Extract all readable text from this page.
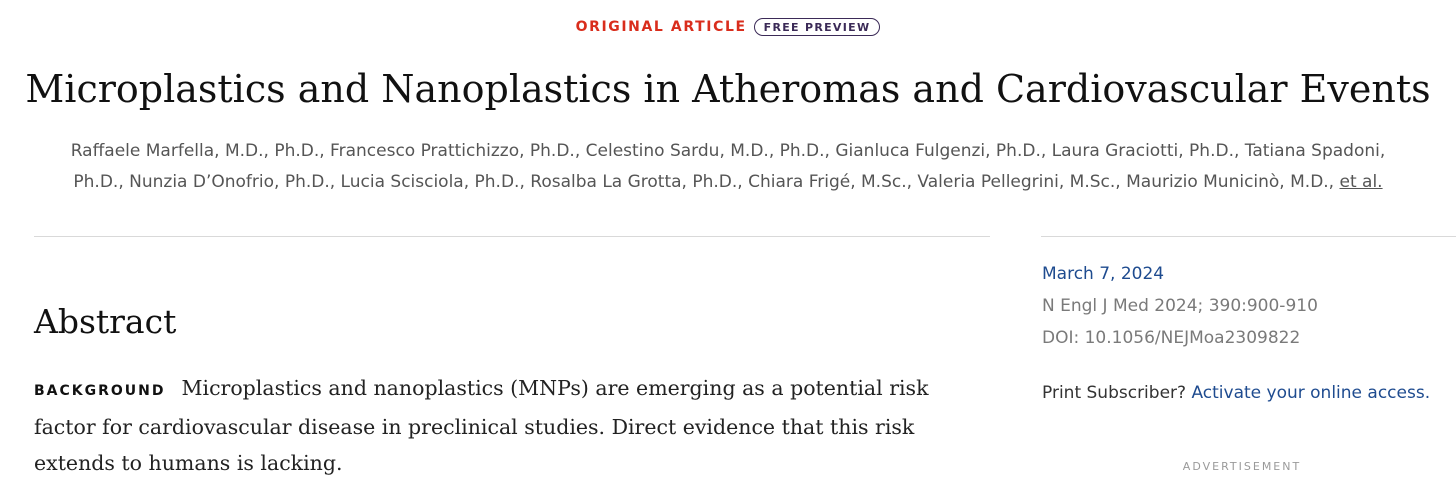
ORIGINAL ARTICLE	FREE PREVIEW
Microplastics and Nanoplastics in Atheromas and Cardiovascular Events

Raffaele Marfella, M.D., Ph.D., Francesco Prattichizzo, Ph.D., Celestino Sardu, M.D., Ph.D., Gianluca Fulgenzi, Ph.D., Laura Graciotti, Ph.D., Tatiana Spadoni,
Ph.D., Nunzia D’Onofrio, Ph.D., Lucia Scisciola, Ph.D., Rosalba La Grotta, Ph.D., Chiara Frigé, M.Sc., Valeria Pellegrini, M.Sc., Maurizio Municinò, M.D., et al.

Abstract

BACKGROUND Microplastics and nanoplastics (MNPs) are emerging as a potential risk factor for cardiovascular disease in preclinical studies. Direct evidence that this risk extends to humans is lacking.

March 7, 2024
N Engl J Med 2024; 390:900-910
DOI: 10.1056/NEJMoa2309822
Print Subscriber? Activate your online access.
ADVERTISEMENT
